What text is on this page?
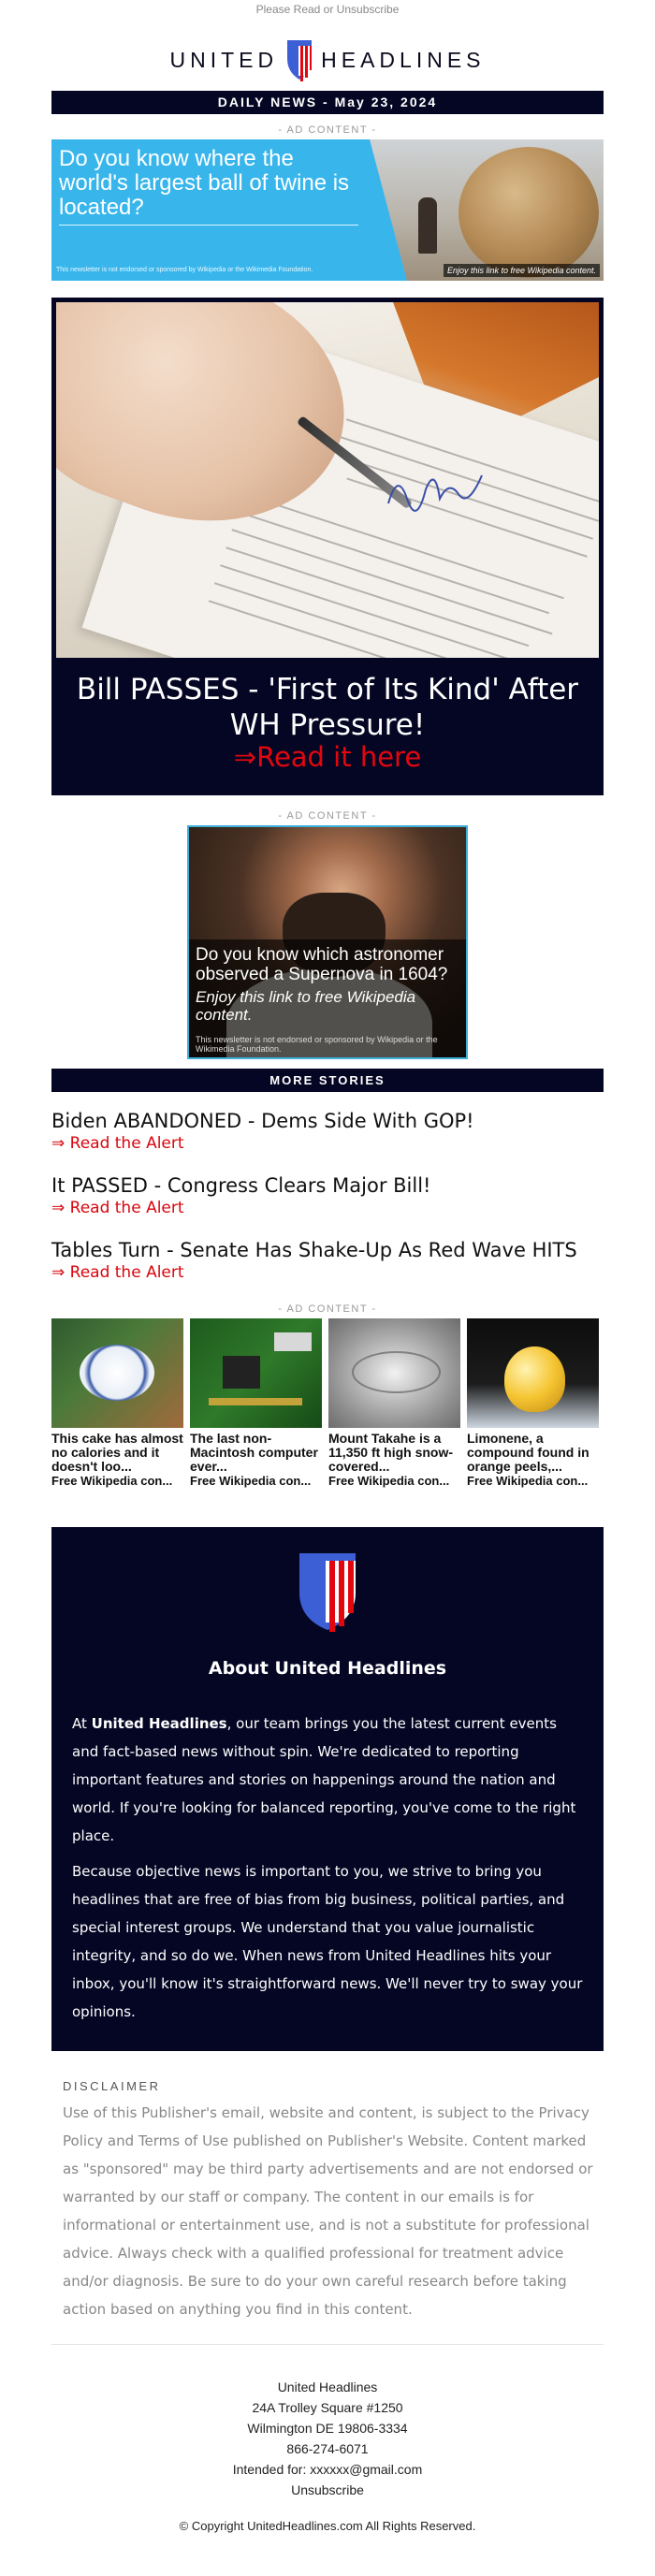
Please Read or Unsubscribe
UNITED HEADLINES
DAILY NEWS - May 23, 2024
- AD CONTENT -
Do you know where the world's largest ball of twine is located?
This newsletter is not endorsed or sponsored by Wikipedia or the Wikimedia Foundation.	Enjoy this link to free Wikipedia content.
Bill PASSES - 'First of Its Kind' After WH Pressure!
⇒Read it here
- AD CONTENT -
Do you know which astronomer observed a Supernova in 1604?
Enjoy this link to free Wikipedia content.
This newsletter is not endorsed or sponsored by Wikipedia or the Wikimedia Foundation.
MORE STORIES
Biden ABANDONED - Dems Side With GOP!
⇒ Read the Alert
It PASSED - Congress Clears Major Bill!
⇒ Read the Alert
Tables Turn - Senate Has Shake-Up As Red Wave HITS
⇒ Read the Alert
- AD CONTENT -
This cake has almost no calories and it doesn't loo...
Free Wikipedia con...
The last non-Macintosh computer ever...
Free Wikipedia con...
Mount Takahe is a 11,350 ft high snow-covered...
Free Wikipedia con...
Limonene, a compound found in orange peels,...
Free Wikipedia con...
About United Headlines

At United Headlines, our team brings you the latest current events and fact-based news without spin. We're dedicated to reporting important features and stories on happenings around the nation and world. If you're looking for balanced reporting, you've come to the right place.

Because objective news is important to you, we strive to bring you headlines that are free of bias from big business, political parties, and special interest groups. We understand that you value journalistic integrity, and so do we. When news from United Headlines hits your inbox, you'll know it's straightforward news. We'll never try to sway your opinions.

DISCLAIMER
Use of this Publisher's email, website and content, is subject to the Privacy Policy and Terms of Use published on Publisher's Website. Content marked as "sponsored" may be third party advertisements and are not endorsed or warranted by our staff or company. The content in our emails is for informational or entertainment use, and is not a substitute for professional advice. Always check with a qualified professional for treatment advice and/or diagnosis. Be sure to do your own careful research before taking action based on anything you find in this content.
United Headlines
24A Trolley Square #1250
Wilmington DE 19806-3334
866-274-6071
Intended for: xxxxxx@gmail.com
Unsubscribe
© Copyright UnitedHeadlines.com All Rights Reserved.
